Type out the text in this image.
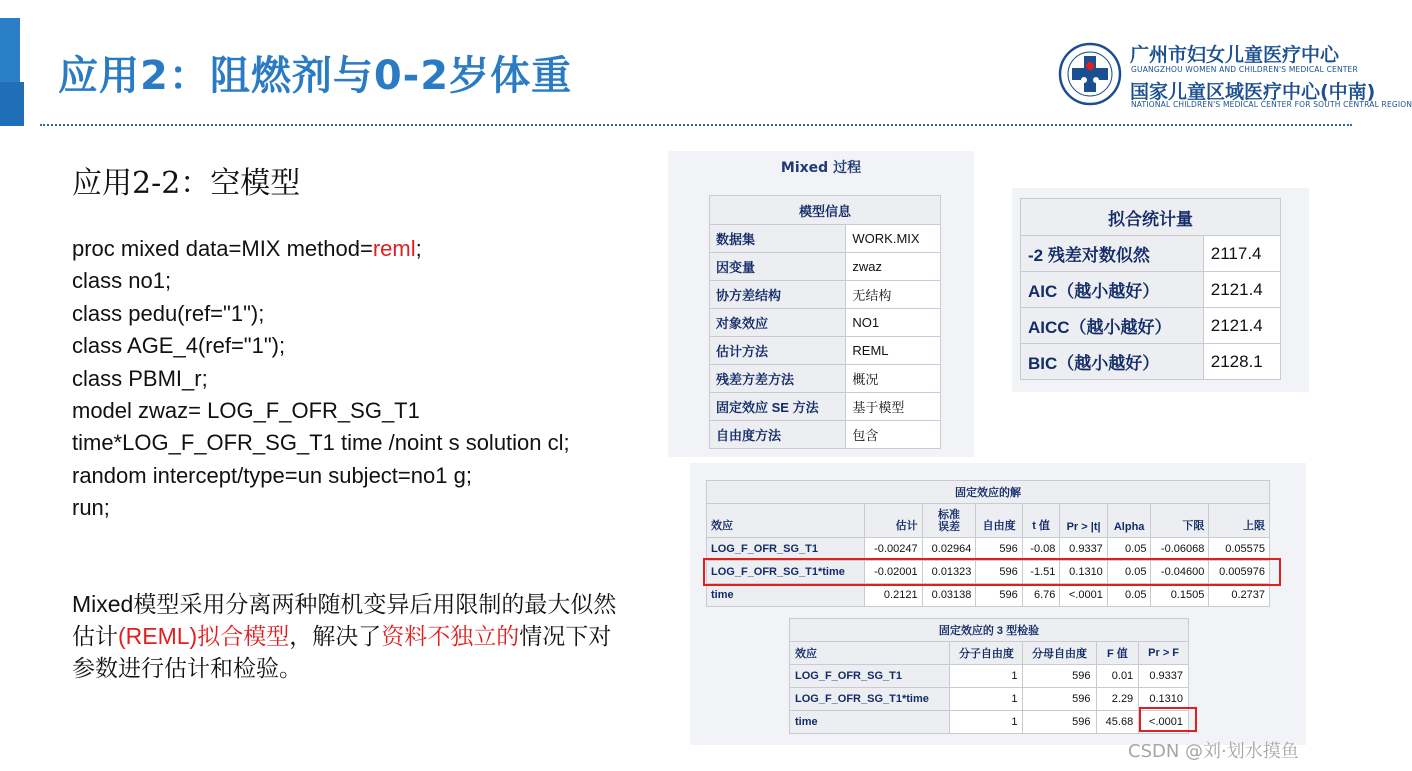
应用2：阻燃剂与0-2岁体重	广州市妇女儿童医疗中心
GUANGZHOU WOMEN AND CHILDREN'S MEDICAL CENTER
国家儿童区域医疗中心(中南)
NATIONAL CHILDREN'S MEDICAL CENTER FOR SOUTH CENTRAL REGION
应用2-2：空模型
proc mixed data=MIX method=reml;
class no1;
class pedu(ref="1");
class AGE_4(ref="1");
class PBMI_r;
model zwaz= LOG_F_OFR_SG_T1
time*LOG_F_OFR_SG_T1 time /noint s solution cl;
random intercept/type=un subject=no1 g;
run;
Mixed模型采用分离两种随机变异后用限制的最大似然估计(REML)拟合模型，解决了资料不独立的情况下对参数进行估计和检验。
Mixed 过程
模型信息	
数据集	WORK.MIX
因变量	zwaz
协方差结构	无结构
对象效应	NO1
估计方法	REML
残差方差方法	概况
固定效应 SE 方法	基于模型
自由度方法	包含
拟合统计量	
-2 残差对数似然	2117.4
AIC（越小越好）	2121.4
AICC（越小越好）	2121.4
BIC（越小越好）	2128.1
固定效应的解								
效应	估计	标准
误差	自由度	t 值	Pr > |t|	Alpha	下限	上限
LOG_F_OFR_SG_T1	-0.00247	0.02964	596	-0.08	0.9337	0.05	-0.06068	0.05575
LOG_F_OFR_SG_T1*time	-0.02001	0.01323	596	-1.51	0.1310	0.05	-0.04600	0.005976
time	0.2121	0.03138	596	6.76	<.0001	0.05	0.1505	0.2737
固定效应的 3 型检验				
效应	分子自由度	分母自由度	F 值	Pr > F
LOG_F_OFR_SG_T1	1	596	0.01	0.9337
LOG_F_OFR_SG_T1*time	1	596	2.29	0.1310
time	1	596	45.68	<.0001
CSDN @刘·划水摸鱼
